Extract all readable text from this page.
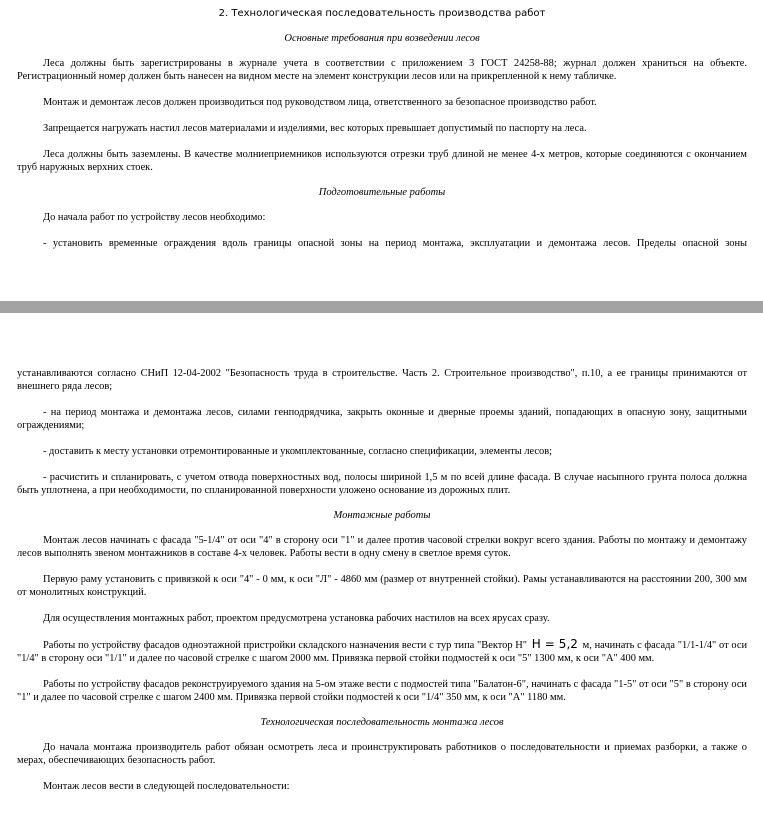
2. Технологическая последовательность производства работ
Основные требования при возведении лесов

Леса должны быть зарегистрированы в журнале учета в соответствии с приложением 3 ГОСТ 24258-88; журнал должен храниться на объекте. Регистрационный номер должен быть нанесен на видном месте на элемент конструкции лесов или на прикрепленной к нему табличке.

Монтаж и демонтаж лесов должен производиться под руководством лица, ответственного за безопасное производство работ.

Запрещается нагружать настил лесов материалами и изделиями, вес которых превышает допустимый по паспорту на леса.

Леса должны быть заземлены. В качестве молниеприемников используются отрезки труб длиной не менее 4-х метров, которые соединяются с окончанием труб наружных верхних стоек.

Подготовительные работы

До начала работ по устройству лесов необходимо:

- установить временные ограждения вдоль границы опасной зоны на период монтажа, эксплуатации и демонтажа лесов. Пределы опасной зоны

устанавливаются согласно СНиП 12-04-2002 "Безопасность труда в строительстве. Часть 2. Строительное производство", п.10, а ее границы принимаются от внешнего ряда лесов;

- на период монтажа и демонтажа лесов, силами генподрядчика, закрыть оконные и дверные проемы зданий, попадающих в опасную зону, защитными ограждениями;

- доставить к месту установки отремонтированные и укомплектованные, согласно спецификации, элементы лесов;

- расчистить и спланировать, с учетом отвода поверхностных вод, полосы шириной 1,5 м по всей длине фасада. В случае насыпного грунта полоса должна быть уплотнена, а при необходимости, по спланированной поверхности уложено основание из дорожных плит.

Монтажные работы

Монтаж лесов начинать с фасада "5-1/4" от оси "4" в сторону оси "1" и далее против часовой стрелки вокруг всего здания. Работы по монтажу и демонтажу лесов выполнять звеном монтажников в составе 4-х человек. Работы вести в одну смену в светлое время суток.

Первую раму установить с привязкой к оси "4" - 0 мм, к оси "Л" - 4860 мм (размер от внутренней стойки). Рамы устанавливаются на расстоянии 200, 300 мм от монолитных конструкций.

Для осуществления монтажных работ, проектом предусмотрена установка рабочих настилов на всех ярусах сразу.

Работы по устройству фасадов одноэтажной пристройки складского назначения вести с тур типа "Вектор Н" H = 5,2 м, начинать с фасада "1/1-1/4" от оси "1/4" в сторону оси "1/1" и далее по часовой стрелке с шагом 2000 мм. Привязка первой стойки подмостей к оси "5" 1300 мм, к оси "А" 400 мм.

Работы по устройству фасадов реконструируемого здания на 5-ом этаже вести с подмостей типа "Балатон-6", начинать с фасада "1-5" от оси "5" в сторону оси "1" и далее по часовой стрелке с шагом 2400 мм. Привязка первой стойки подмостей к оси "1/4" 350 мм, к оси "А" 1180 мм.

Технологическая последовательность монтажа лесов

До начала монтажа производитель работ обязан осмотреть леса и проинструктировать работников о последовательности и приемах разборки, а также о мерах, обеспечивающих безопасность работ.

Монтаж лесов вести в следующей последовательности:
